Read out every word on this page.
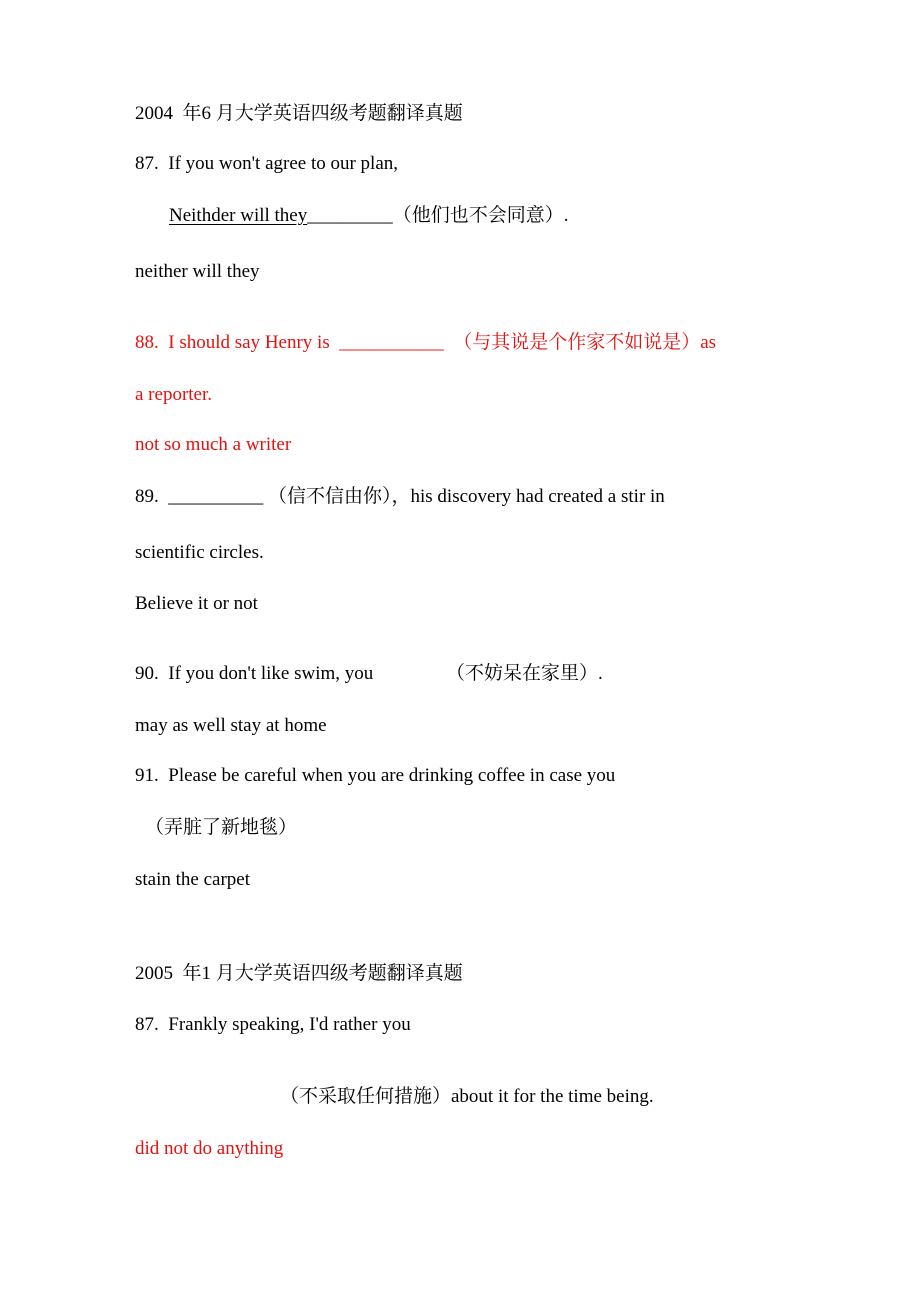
2004  年6 月大学英语四级考题翻译真题
87.  If you won't agree to our plan,
Neithder will they_________（他们也不会同意）.
neither will they
88.  I should say Henry is  ___________  （与其说是个作家不如说是）as
a reporter.
not so much a writer
89.  __________ （信不信由你），his discovery had created a stir in
scientific circles.
Believe it or not
90.  If you don't like swim, you	（不妨呆在家里）.
may as well stay at home
91.  Please be careful when you are drinking coffee in case you
（弄脏了新地毯）
stain the carpet
2005  年1 月大学英语四级考题翻译真题
87.  Frankly speaking, I'd rather you
（不采取任何措施）about it for the time being.
did not do anything
